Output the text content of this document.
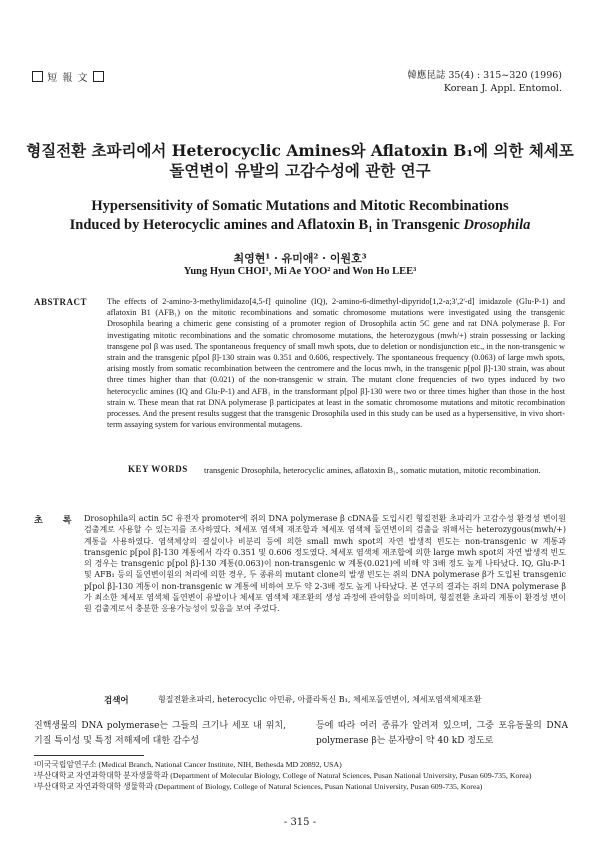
短 報 文	韓應昆誌 35(4) : 315~320 (1996)
Korean J. Appl. Entomol.
형질전환 초파리에서 Heterocyclic Amines와 Aflatoxin B₁에 의한 체세포
돌연변이 유발의 고감수성에 관한 연구
Hypersensitivity of Somatic Mutations and Mitotic Recombinations
Induced by Heterocyclic amines and Aflatoxin B₁ in Transgenic Drosophila
최영현¹ · 유미애² · 이원호³
Yung Hyun CHOI¹, Mi Ae YOO² and Won Ho LEE³
ABSTRACT The effects of 2-amino-3-methylimidazo[4,5-f] quinoline (IQ), 2-amino-6-dimethyl-dipyrido[1,2-a;3',2'-d] imidazole (Glu-P-1) and aflatoxin B1 (AFB₁) on the mitotic recombinations and somatic chromosome mutations were investigated using the transgenic Drosophila bearing a chimeric gene consisting of a promoter region of Drosophila actin 5C gene and rat DNA polymerase β. For investigating mitotic recombinations and the somatic chromosome mutations, the heterozygous (mwh/+) strain possessing or lacking transgene pol β was used. The spontaneous frequency of small mwh spots, due to deletion or nondisjunction etc., in the non-transgenic w strain and the transgenic p[pol β]-130 strain was 0.351 and 0.606, respectively. The spontaneous frequency (0.063) of large mwh spots, arising mostly from somatic recombination between the centromere and the locus mwh, in the transgenic p[pol β]-130 strain, was about three times higher than that (0.021) of the non-transgenic w strain. The mutant clone frequencies of two types induced by two heterocyclic amines (IQ and Glu-P-1) and AFB₁ in the transformant p[pol β]-130 were two or three times higher than those in the host strain w. These mean that rat DNA polymerase β participates at least in the somatic chromosome mutations and mitotic recombination processes. And the present results suggest that the transgenic Drosophila used in this study can be used as a hypersensitive, in vivo short-term assaying system for various environmental mutagens.
KEY WORDS transgenic Drosophila, heterocyclic amines, aflatoxin B₁, somatic mutation, mitotic recombination.
초록
Drosophila의 actin 5C 유전자 promoter에 쥐의 DNA polymerase β cDNA를 도입시킨 형질전환 초파리가 고감수성 환경성 변이원 검출계로 사용할 수 있는지를 조사하였다. 체세포 염색체 재조합과 체세포 염색체 돌연변이의 검출을 위해서는 heterozygous(mwh/+) 계통을 사용하였다. 염색체상의 결실이나 비분리 등에 의한 small mwh spot의 자연 발생적 빈도는 non-transgenic w 계통과 transgenic p[pol β]-130 계통에서 각각 0.351 및 0.606 정도였다. 체세포 염색체 재조합에 의한 large mwh spot의 자연 발생적 빈도의 경우는 transgenic p[pol β]-130 계통(0.063)이 non-transgenic w 계통(0.021)에 비해 약 3배 정도 높게 나타났다. IQ, Glu-P-1 및 AFB₁ 등의 돌연변이원의 처리에 의한 경우, 두 종류의 mutant clone의 발생 빈도는 쥐의 DNA polymerase β가 도입된 transgenic p[pol β]-130 계통이 non-transgenic w 계통에 비하여 모두 약 2-3배 정도 높게 나타났다. 본 연구의 결과는 쥐의 DNA polymerase β가 최소한 체세포 염색체 돌연변이 유발이나 체세포 염색체 재조환의 생성 과정에 관여함을 의미하며, 형질전환 초파리 계통이 환경성 변이원 검출계로서 충분한 응용가능성이 있음을 보여 주었다.
검색어	형질전환초파리, heterocyclic 아민류, 아플라톡신 B₁, 체세포돌연변이, 체세포염색체재조환
진핵생물의 DNA polymerase는 그들의 크기나 세포 내 위치, 기질 특이성 및 특정 저해제에 대한 감수성
등에 따라 여러 종류가 알려져 있으며, 그중 포유동물의 DNA polymerase β는 분자량이 약 40 kD 정도로
¹미국국립암연구소 (Medical Branch, National Cancer Institute, NIH, Bethesda MD 20892, USA)
²부산대학교 자연과학대학 분자생물학과 (Department of Molecular Biology, College of Natural Sciences, Pusan National University, Pusan 609-735, Korea)
³부산대학교 자연과학대학 생물학과 (Department of Biology, College of Natural Sciences, Pusan National University, Pusan 609-735, Korea)
- 315 -
